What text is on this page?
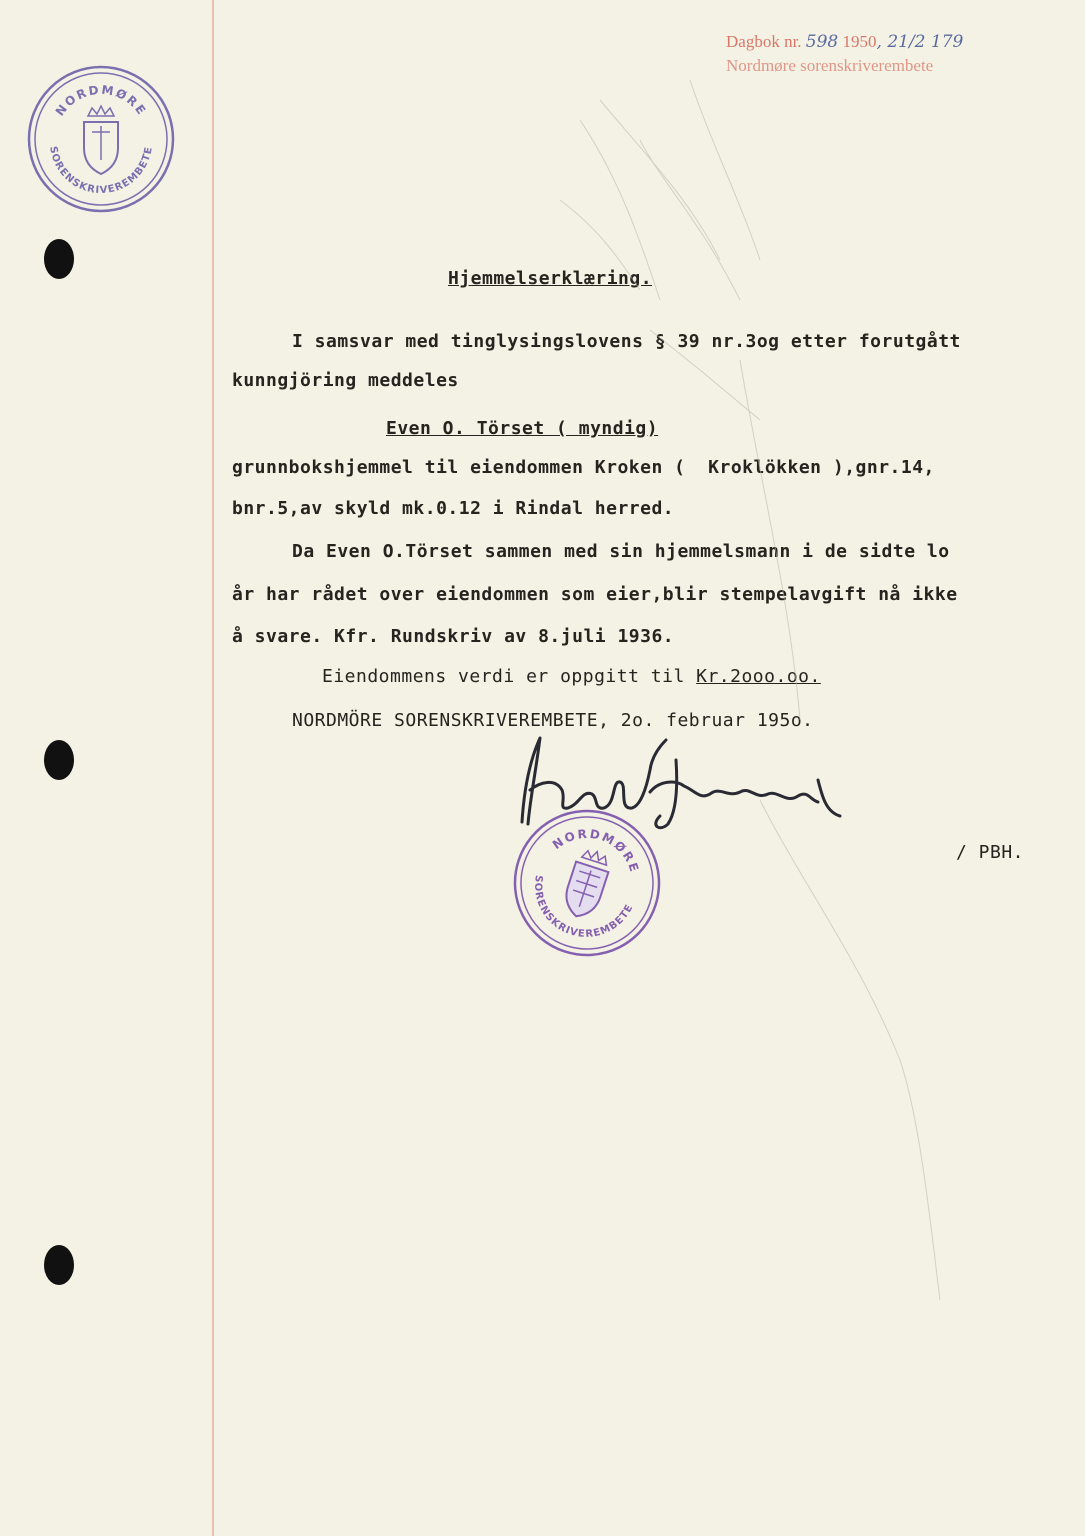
Dagbok nr. 598 1950, 21/2 179
Nordmøre sorenskriverembete
NORDMØRE
SORENSKRIVEREMBETE
Hjemmelserklæring.
I samsvar med tinglysingslovens § 39 nr.3og etter forutgått
kunngjöring meddeles
Even O. Törset ( myndig)
grunnbokshjemmel til eiendommen Kroken (  Kroklökken ),gnr.14,
bnr.5,av skyld mk.0.12 i Rindal herred.
Da Even O.Törset sammen med sin hjemmelsmann i de sidte lo
år har rådet over eiendommen som eier,blir stempelavgift nå ikke
å svare. Kfr. Rundskriv av 8.juli 1936.
Eiendommens verdi er oppgitt til Kr.2ooo.oo.
NORDMÖRE SORENSKRIVEREMBETE, 2o. februar 195o.
NORDMØRE
SORENSKRIVEREMBETE
/ PBH.
